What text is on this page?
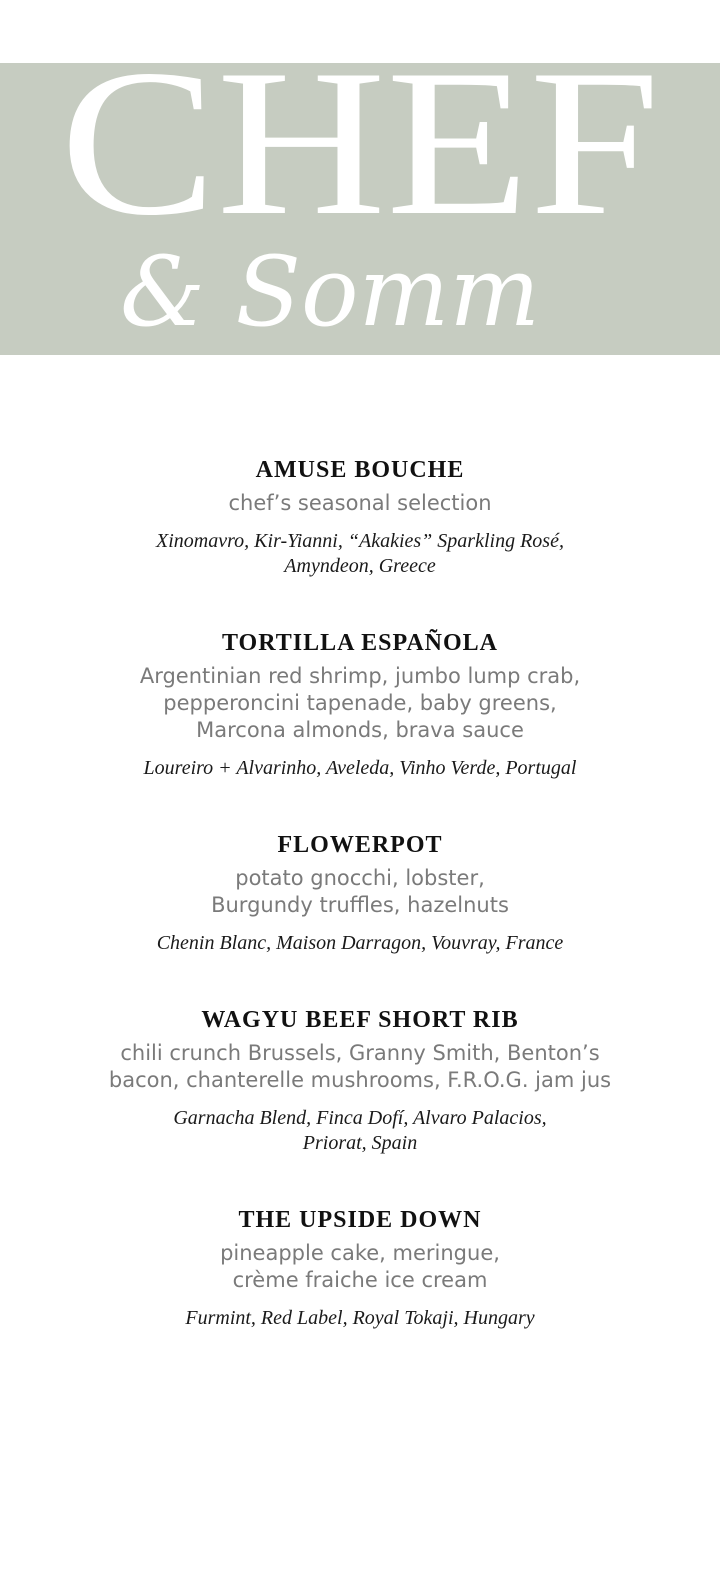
CHEF
& Somm
AMUSE BOUCHE

chef’s seasonal selection

Xinomavro, Kir-Yianni, “Akakies” Sparkling Rosé,
Amyndeon, Greece

TORTILLA ESPAÑOLA

Argentinian red shrimp, jumbo lump crab,
pepperoncini tapenade, baby greens,
Marcona almonds, brava sauce

Loureiro + Alvarinho, Aveleda, Vinho Verde, Portugal

FLOWERPOT

potato gnocchi, lobster,
Burgundy truffles, hazelnuts

Chenin Blanc, Maison Darragon, Vouvray, France

WAGYU BEEF SHORT RIB

chili crunch Brussels, Granny Smith, Benton’s
bacon, chanterelle mushrooms, F.R.O.G. jam jus

Garnacha Blend, Finca Dofí, Alvaro Palacios,
Priorat, Spain

THE UPSIDE DOWN

pineapple cake, meringue,
crème fraiche ice cream

Furmint, Red Label, Royal Tokaji, Hungary
